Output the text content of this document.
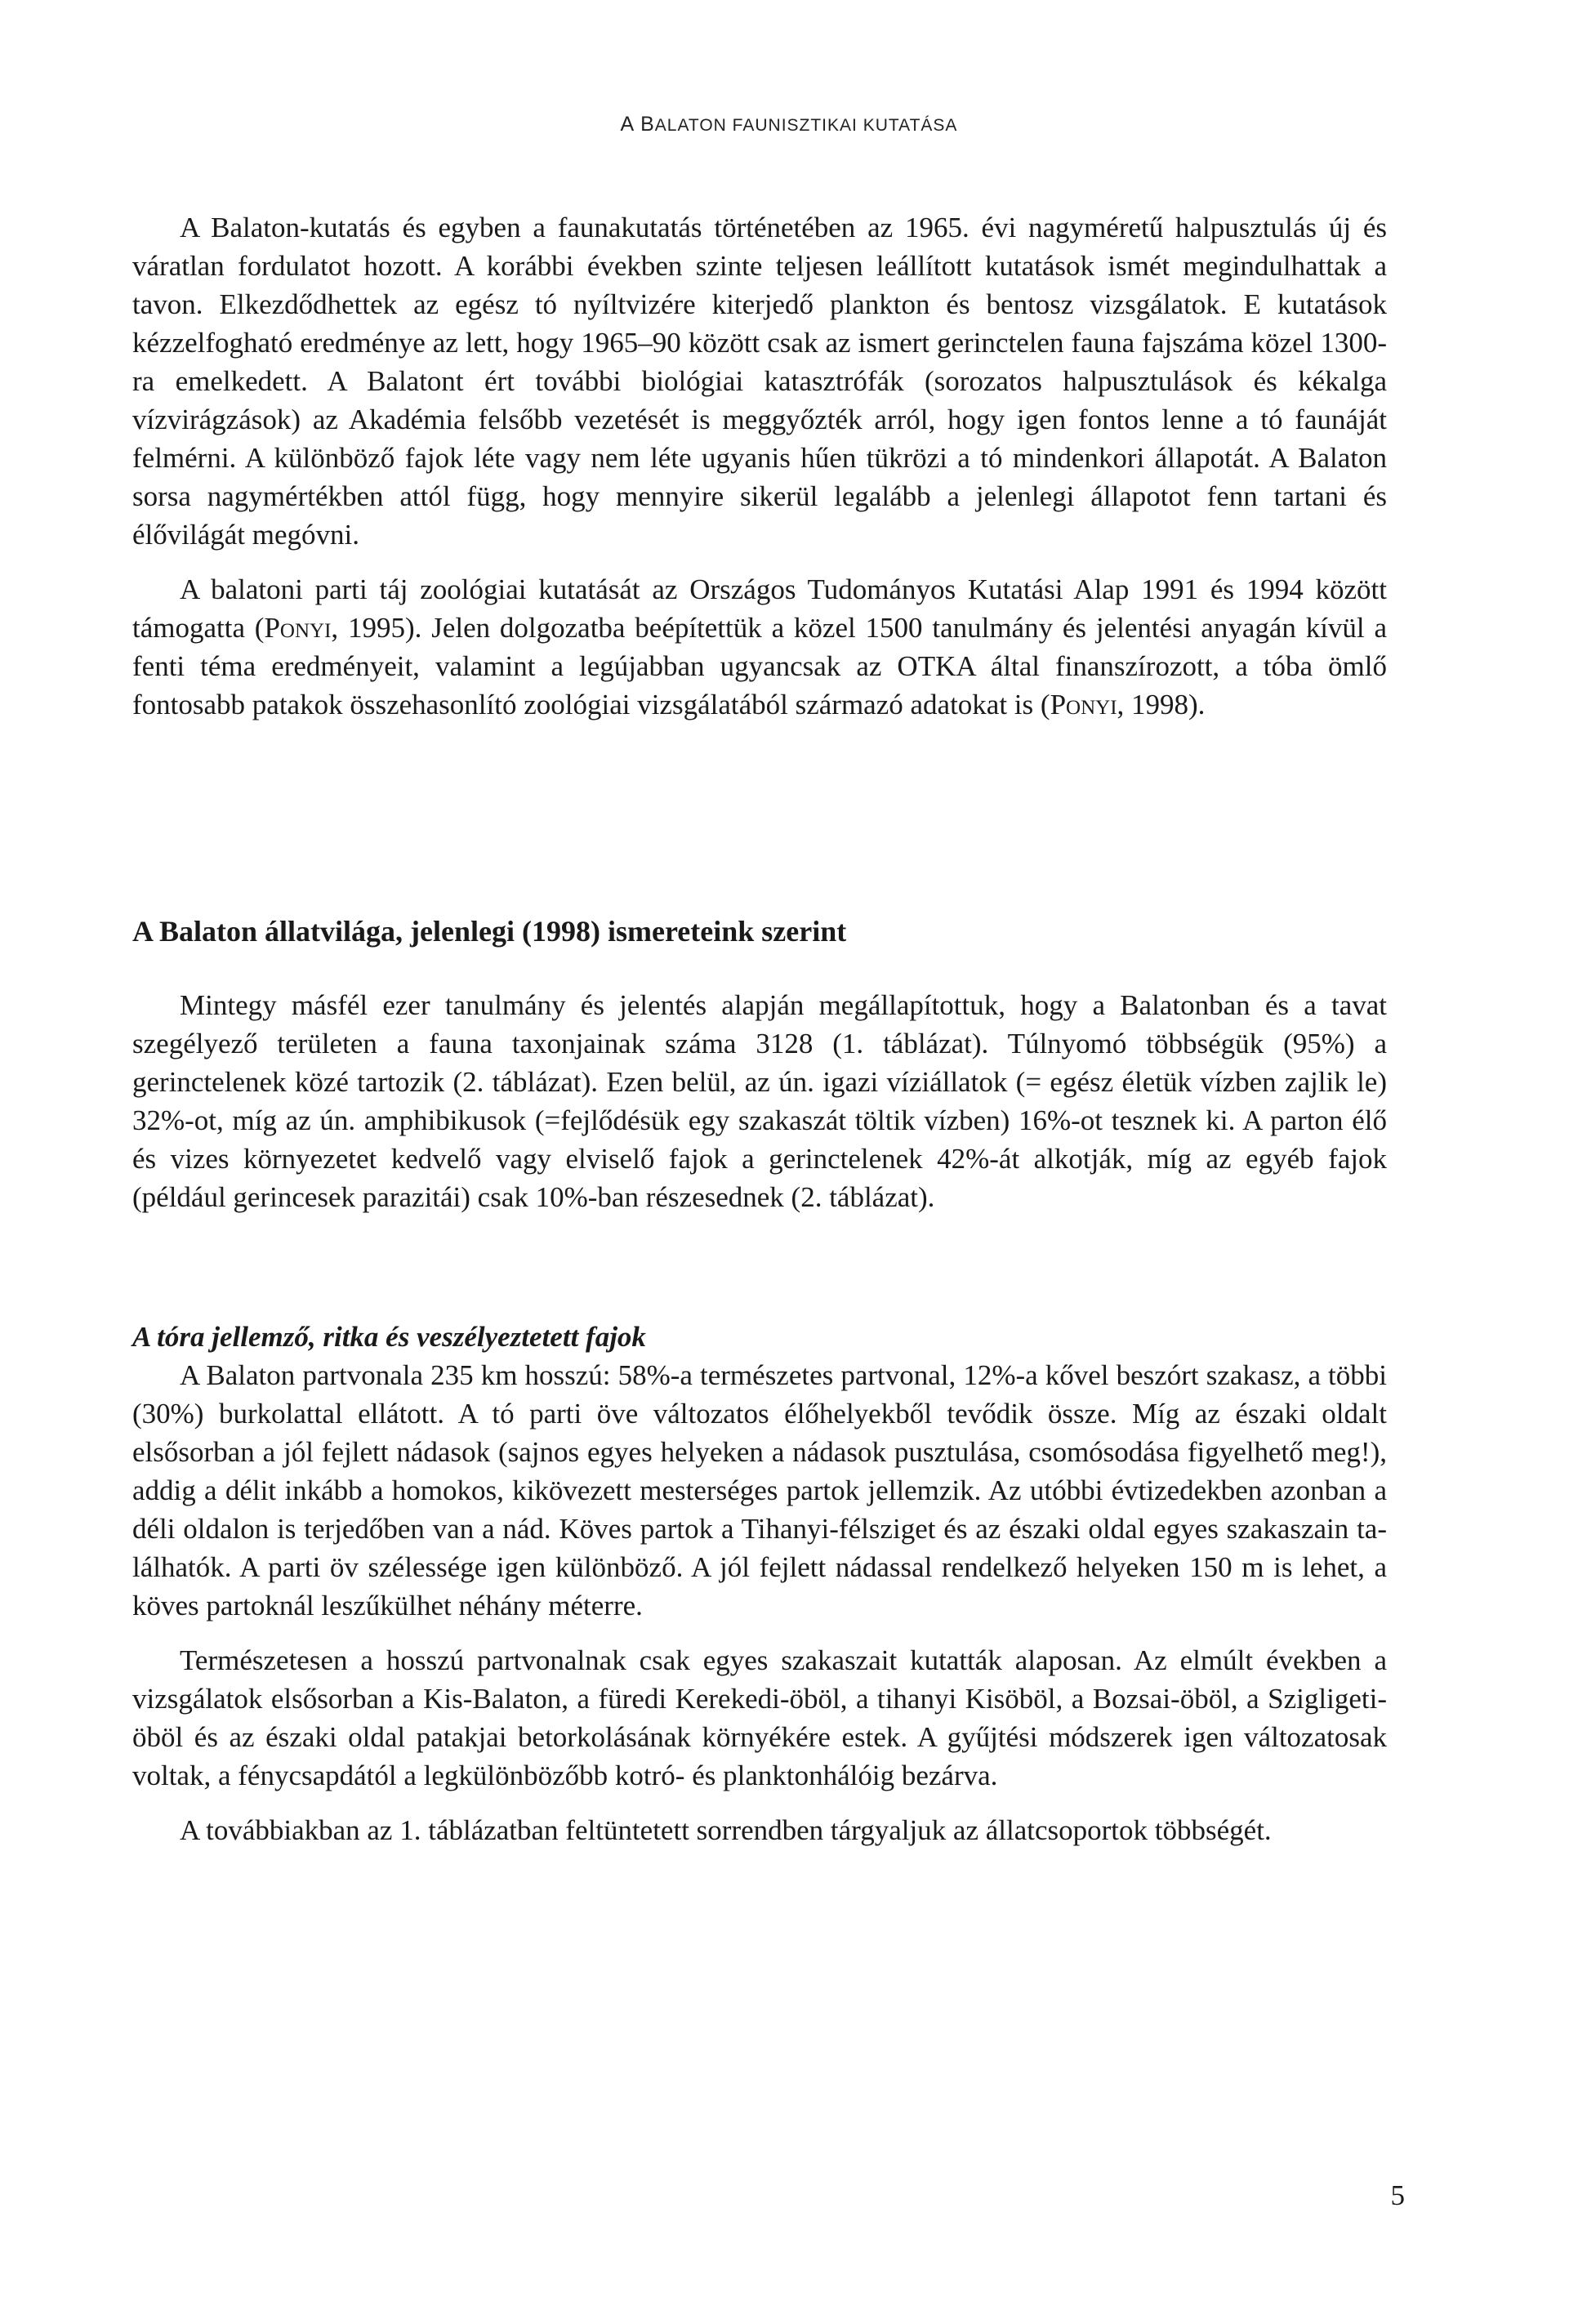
A BALATON FAUNISZTIKAI KUTATÁSA

A Balaton-kutatás és egyben a faunakutatás történetében az 1965. évi nagyméretű halpusztulás új és váratlan fordulatot hozott. A korábbi években szinte teljesen leállított kutatások ismét megindulhattak a tavon. Elkezdődhettek az egész tó nyíltvizére kiterjedő plankton és bentosz vizsgálatok. E kutatások kézzelfogható eredménye az lett, hogy 1965–90 között csak az ismert gerinctelen fauna fajszáma közel 1300-ra emelkedett. A Balatont ért további biológiai katasztrófák (sorozatos halpusztulások és kékalga vízvirágzások) az Akadémia felsőbb vezetését is meggyőzték arról, hogy igen fontos lenne a tó faunáját felmérni. A különböző fajok léte vagy nem léte ugyanis hűen tükrözi a tó mindenkori állapotát. A Balaton sorsa nagymértékben attól függ, hogy mennyire sikerül legalább a jelenlegi állapotot fenn tartani és élővilágát megóvni.

A balatoni parti táj zoológiai kutatását az Országos Tudományos Kutatási Alap 1991 és 1994 között támogatta (Ponyi, 1995). Jelen dolgozatba beépítettük a közel 1500 tanulmány és jelentési anyagán kívül a fenti téma eredményeit, valamint a legújabban ugyancsak az OTKA által finanszírozott, a tóba ömlő fontosabb patakok összehasonlító zoológiai vizsgálatából származó adatokat is (Ponyi, 1998).

A Balaton állatvilága, jelenlegi (1998) ismereteink szerint

Mintegy másfél ezer tanulmány és jelentés alapján megállapítottuk, hogy a Balatonban és a tavat szegélyező területen a fauna taxonjainak száma 3128 (1. táblázat). Túlnyomó többségük (95%) a gerinctelenek közé tartozik (2. táblázat). Ezen belül, az ún. igazi víziállatok (= egész életük vízben zajlik le) 32%-ot, míg az ún. amphibikusok (=fejlődésük egy szakaszát töltik vízben) 16%-ot tesznek ki. A parton élő és vizes környezetet kedvelő vagy elviselő fajok a gerinctelenek 42%-át alkotják, míg az egyéb fajok (például gerincesek parazitái) csak 10%-ban részesednek (2. táblázat).

A tóra jellemző, ritka és veszélyeztetett fajok

A Balaton partvonala 235 km hosszú: 58%-a természetes partvonal, 12%-a kővel beszórt szakasz, a többi (30%) burkolattal ellátott. A tó parti öve változatos élőhelyekből tevődik össze. Míg az északi oldalt elsősorban a jól fejlett nádasok (sajnos egyes helyeken a nádasok pusztulása, csomósodása figyelhető meg!), addig a délit inkább a homokos, kikövezett mesterséges partok jellemzik. Az utóbbi évtizedekben azonban a déli oldalon is terjedőben van a nád. Köves partok a Tihanyi-félsziget és az északi oldal egyes szakaszain találhatók. A parti öv szélessége igen különböző. A jól fejlett nádassal rendelkező helyeken 150 m is lehet, a köves partoknál leszűkülhet néhány méterre.

Természetesen a hosszú partvonalnak csak egyes szakaszait kutatták alaposan. Az elmúlt években a vizsgálatok elsősorban a Kis-Balaton, a füredi Kerekedi-öböl, a tihanyi Kisöböl, a Bozsai-öböl, a Szigligeti-öböl és az északi oldal patakjai betorkolásának környékére estek. A gyűjtési módszerek igen változatosak voltak, a fénycsapdától a legkülönbözőbb kotró- és planktonhálóig bezárva.

A továbbiakban az 1. táblázatban feltüntetett sorrendben tárgyaljuk az állatcsoportok többségét.

5
